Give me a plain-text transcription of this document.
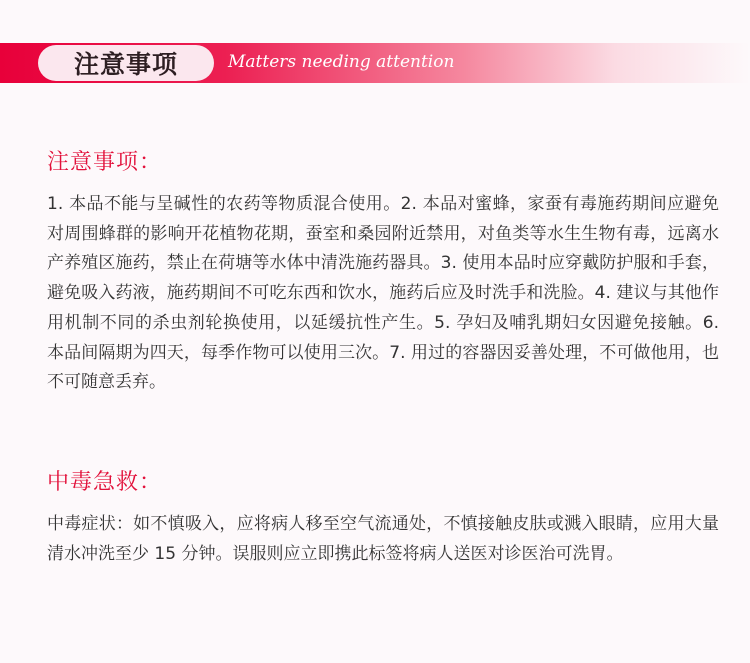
注意事项	Matters needing attention
注意事项：
1. 本品不能与呈碱性的农药等物质混合使用。2. 本品对蜜蜂，家蚕有毒施药期间应避免对周围蜂群的影响开花植物花期，蚕室和桑园附近禁用，对鱼类等水生生物有毒，远离水产养殖区施药，禁止在荷塘等水体中清洗施药器具。3. 使用本品时应穿戴防护服和手套，避免吸入药液，施药期间不可吃东西和饮水，施药后应及时洗手和洗脸。4. 建议与其他作用机制不同的杀虫剂轮换使用，以延缓抗性产生。5. 孕妇及哺乳期妇女因避免接触。6. 本品间隔期为四天，每季作物可以使用三次。7. 用过的容器因妥善处理，不可做他用，也不可随意丢弃。
中毒急救：
中毒症状：如不慎吸入，应将病人移至空气流通处，不慎接触皮肤或溅入眼睛，应用大量清水冲洗至少 15 分钟。误服则应立即携此标签将病人送医对诊医治可洗胃。
